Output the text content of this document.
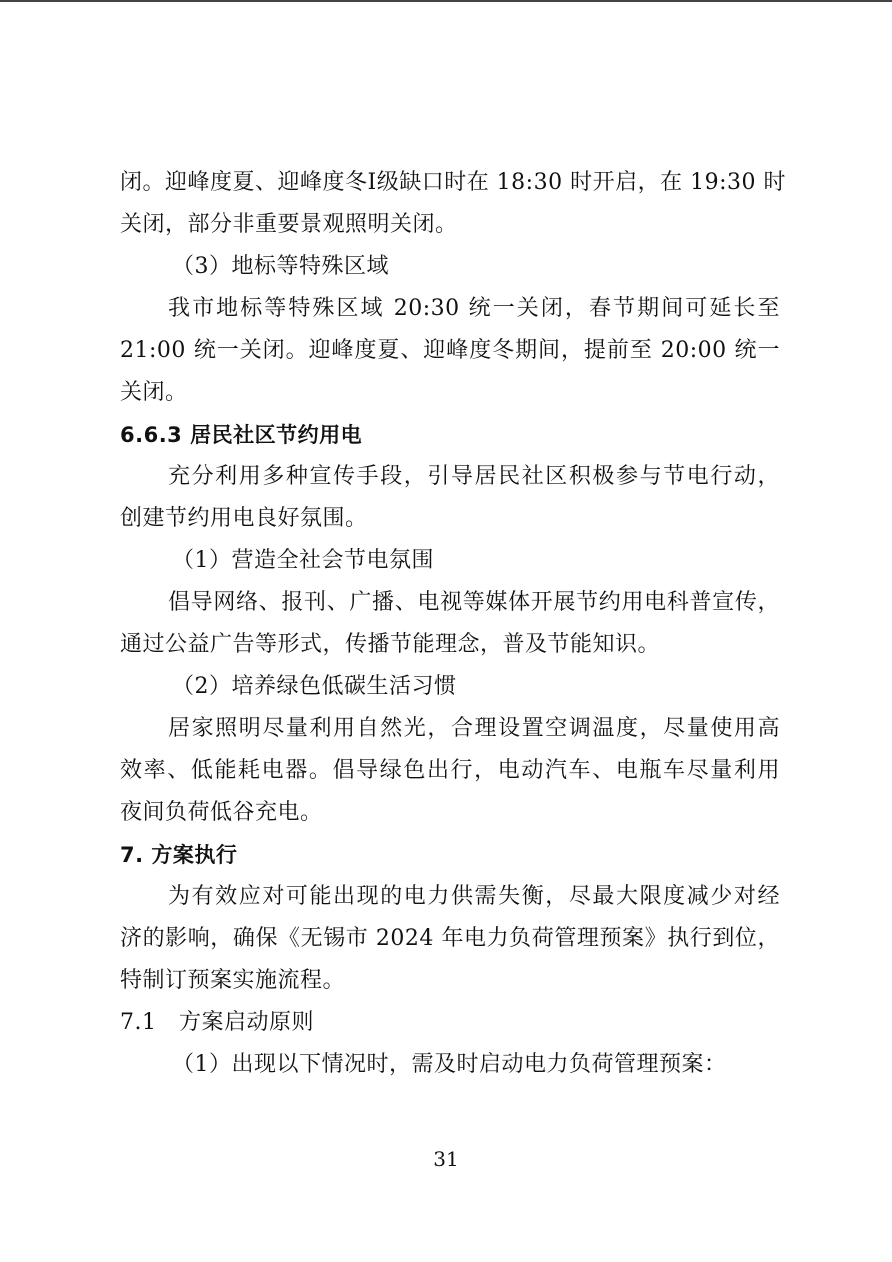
闭。迎峰度夏、迎峰度冬I级缺口时在 18:30 时开启，在 19:30 时
关闭，部分非重要景观照明关闭。
（3）地标等特殊区域
我市地标等特殊区域 20:30 统一关闭，春节期间可延长至
21:00 统一关闭。迎峰度夏、迎峰度冬期间，提前至 20:00 统一
关闭。
6.6.3 居民社区节约用电
充分利用多种宣传手段，引导居民社区积极参与节电行动，
创建节约用电良好氛围。
（1）营造全社会节电氛围
倡导网络、报刊、广播、电视等媒体开展节约用电科普宣传，
通过公益广告等形式，传播节能理念，普及节能知识。
（2）培养绿色低碳生活习惯
居家照明尽量利用自然光，合理设置空调温度，尽量使用高
效率、低能耗电器。倡导绿色出行，电动汽车、电瓶车尽量利用
夜间负荷低谷充电。
7. 方案执行
为有效应对可能出现的电力供需失衡，尽最大限度减少对经
济的影响，确保《无锡市 2024 年电力负荷管理预案》执行到位，
特制订预案实施流程。
7.1　方案启动原则
（1）出现以下情况时，需及时启动电力负荷管理预案：
31
